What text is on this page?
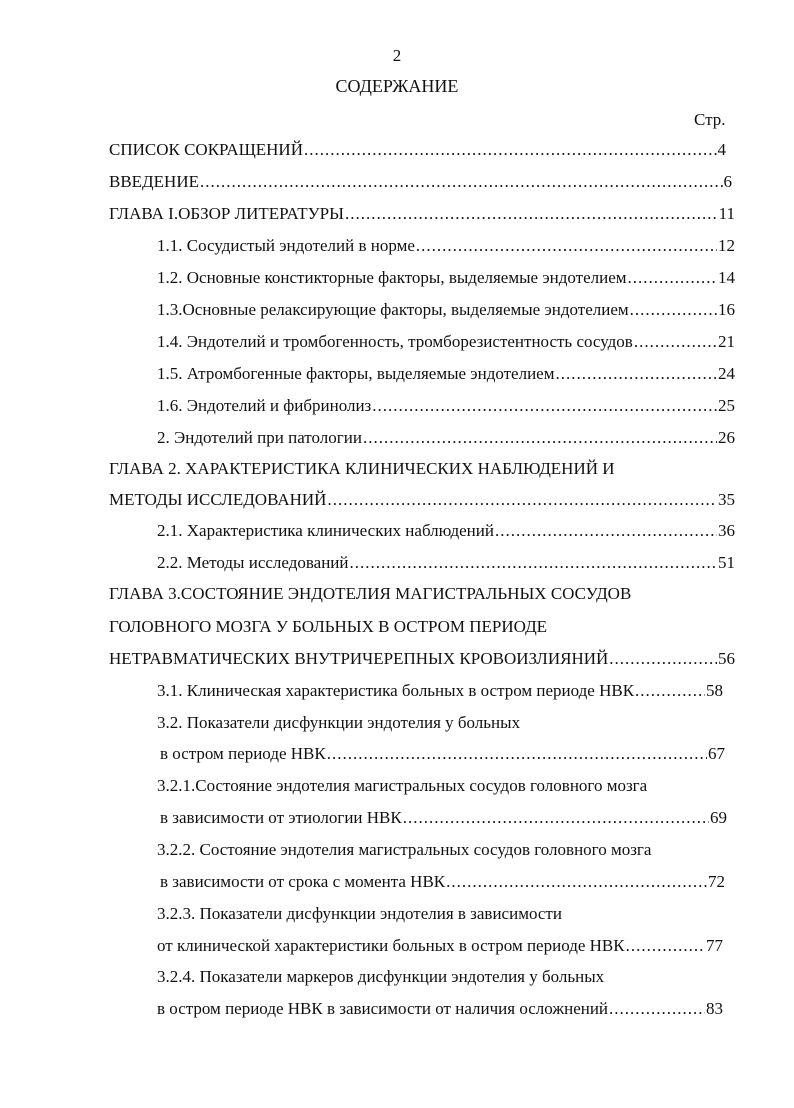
2
СОДЕРЖАНИЕ
Стр.
СПИСОК СОКРАЩЕНИЙ .....	4
ВВЕДЕНИЕ .....	6
ГЛАВА I.ОБЗОР ЛИТЕРАТУРЫ .....	11
1.1. Сосудистый эндотелий в норме .....	12
1.2. Основные констикторные факторы, выделяемые эндотелием .....	14
1.3.Основные релаксирующие факторы, выделяемые эндотелием .....	16
1.4. Эндотелий и тромбогенность, тромборезистентность сосудов .....	21
1.5. Атромбогенные факторы, выделяемые эндотелием .....	24
1.6. Эндотелий и фибринолиз .....	25
2. Эндотелий при патологии .....	26
ГЛАВА 2. ХАРАКТЕРИСТИКА КЛИНИЧЕСКИХ НАБЛЮДЕНИЙ И
МЕТОДЫ ИССЛЕДОВАНИЙ .....	35
2.1. Характеристика клинических наблюдений .....	36
2.2. Методы исследований .....	51
ГЛАВА 3.СОСТОЯНИЕ ЭНДОТЕЛИЯ МАГИСТРАЛЬНЫХ СОСУДОВ
ГОЛОВНОГО МОЗГА У БОЛЬНЫХ В ОСТРОМ ПЕРИОДЕ
НЕТРАВМАТИЧЕСКИХ ВНУТРИЧЕРЕПНЫХ КРОВОИЗЛИЯНИЙ .....	56
3.1. Клиническая характеристика больных в остром периоде НВК .....	58
3.2. Показатели дисфункции эндотелия у больных
в остром периоде НВК .....	67
3.2.1.Состояние эндотелия магистральных сосудов головного мозга
в зависимости от этиологии НВК .....	69
3.2.2. Состояние эндотелия магистральных сосудов головного мозга
в зависимости от срока с момента НВК .....	72
3.2.3. Показатели дисфункции эндотелия в зависимости
от клинической характеристики больных в остром периоде НВК .....	77
3.2.4. Показатели маркеров дисфункции эндотелия у больных
в остром периоде НВК в зависимости от наличия осложнений .....	83
